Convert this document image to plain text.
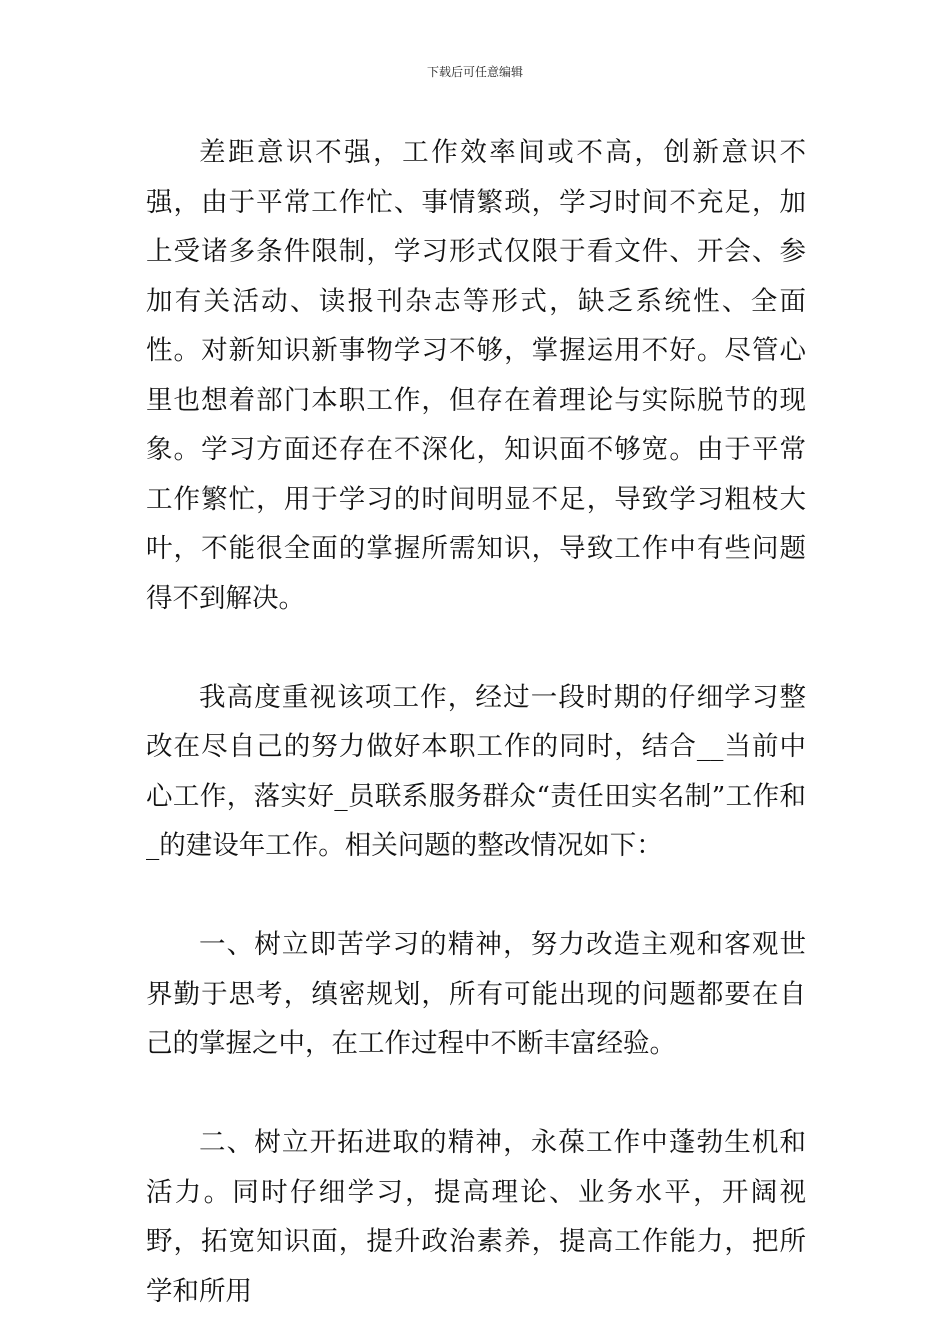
下载后可任意编辑

差距意识不强，工作效率间或不高，创新意识不强，由于平常工作忙、事情繁琐，学习时间不充足，加上受诸多条件限制，学习形式仅限于看文件、开会、参加有关活动、读报刊杂志等形式，缺乏系统性、全面性。对新知识新事物学习不够，掌握运用不好。尽管心里也想着部门本职工作，但存在着理论与实际脱节的现象。学习方面还存在不深化，知识面不够宽。由于平常工作繁忙，用于学习的时间明显不足，导致学习粗枝大叶，不能很全面的掌握所需知识，导致工作中有些问题得不到解决。

我高度重视该项工作，经过一段时期的仔细学习整改在尽自己的努力做好本职工作的同时，结合__当前中心工作，落实好_员联系服务群众“责任田实名制”工作和_的建设年工作。相关问题的整改情况如下：

一、树立即苦学习的精神，努力改造主观和客观世界勤于思考，缜密规划，所有可能出现的问题都要在自己的掌握之中，在工作过程中不断丰富经验。

二、树立开拓进取的精神，永葆工作中蓬勃生机和活力。同时仔细学习，提高理论、业务水平，开阔视野，拓宽知识面，提升政治素养，提高工作能力，把所学和所用
